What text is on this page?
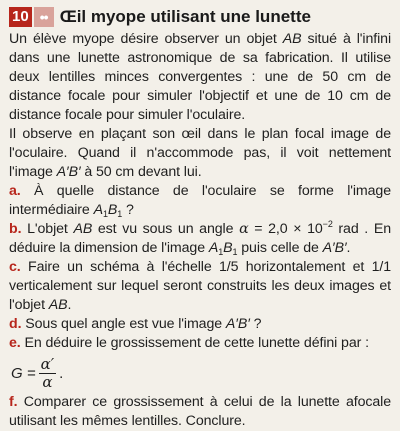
10 •• Œil myope utilisant une lunette

Un élève myope désire observer un objet AB situé à l'infini dans une lunette astronomique de sa fabrication. Il utilise deux lentilles minces convergentes : une de 50 cm de distance focale pour simuler l'objectif et une de 10 cm de distance focale pour simuler l'oculaire.

Il observe en plaçant son œil dans le plan focal image de l'oculaire. Quand il n'accommode pas, il voit nettement l'image A′B′ à 50 cm devant lui.

a. À quelle distance de l'oculaire se forme l'image intermédiaire $A_1B_1$ ?

b. L'objet AB est vu sous un angle $\alpha = 2,0 \times 10^{-2}$ rad . En déduire la dimension de l'image $A_1B_1$ puis celle de A′B′.

c. Faire un schéma à l'échelle 1/5 horizontalement et 1/1 verticalement sur lequel seront construits les deux images et l'objet AB.

d. Sous quel angle est vue l'image A′B′ ?

e. En déduire le grossissement de cette lunette défini par :

$G = \frac{\alpha'}{\alpha}$ .

f. Comparer ce grossissement à celui de la lunette afocale utilisant les mêmes lentilles. Conclure.
